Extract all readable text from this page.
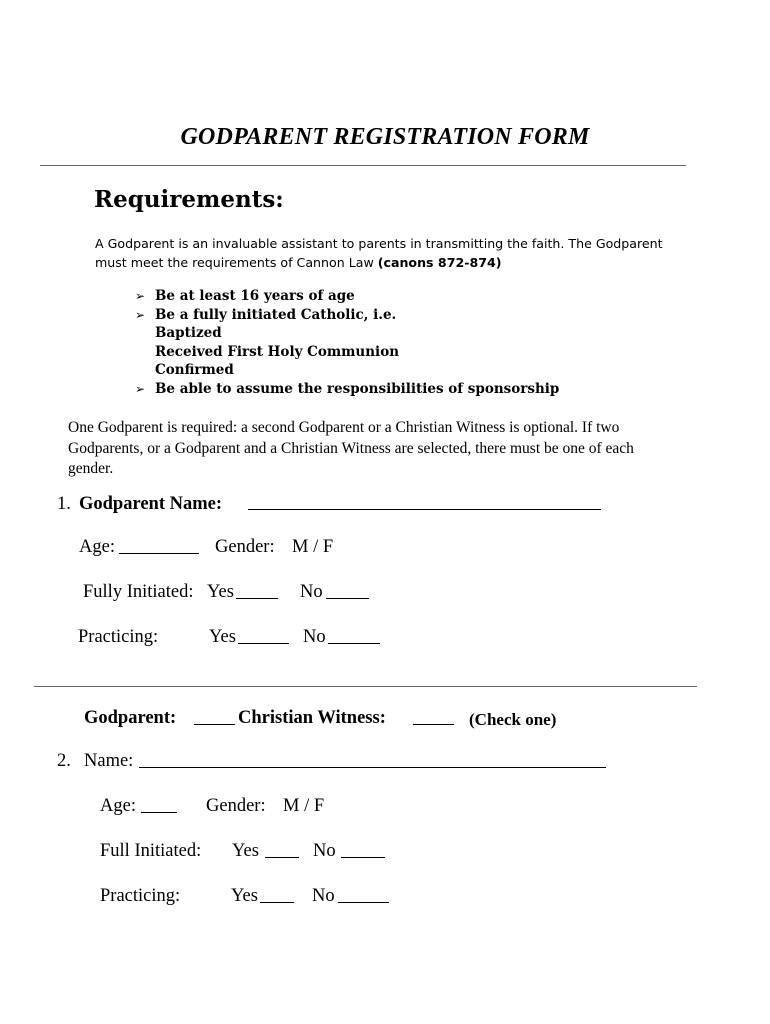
GODPARENT REGISTRATION FORM
Requirements:
A Godparent is an invaluable assistant to parents in transmitting the faith. The Godparent must meet the requirements of Cannon Law (canons 872-874)
➢ Be at least 16 years of age
➢ Be a fully initiated Catholic, i.e.
Baptized
Received First Holy Communion
Confirmed
➢ Be able to assume the responsibilities of sponsorship
One Godparent is required: a second Godparent or a Christian Witness is optional. If two Godparents, or a Godparent and a Christian Witness are selected, there must be one of each gender.
1. Godparent Name:
Age:	Gender: M / F
Fully Initiated: Yes	No
Practicing:	Yes	No
Godparent:	Christian Witness:	(Check one)
2. Name:
Age:	Gender: M / F
Full Initiated: Yes	No
Practicing:	Yes	No
